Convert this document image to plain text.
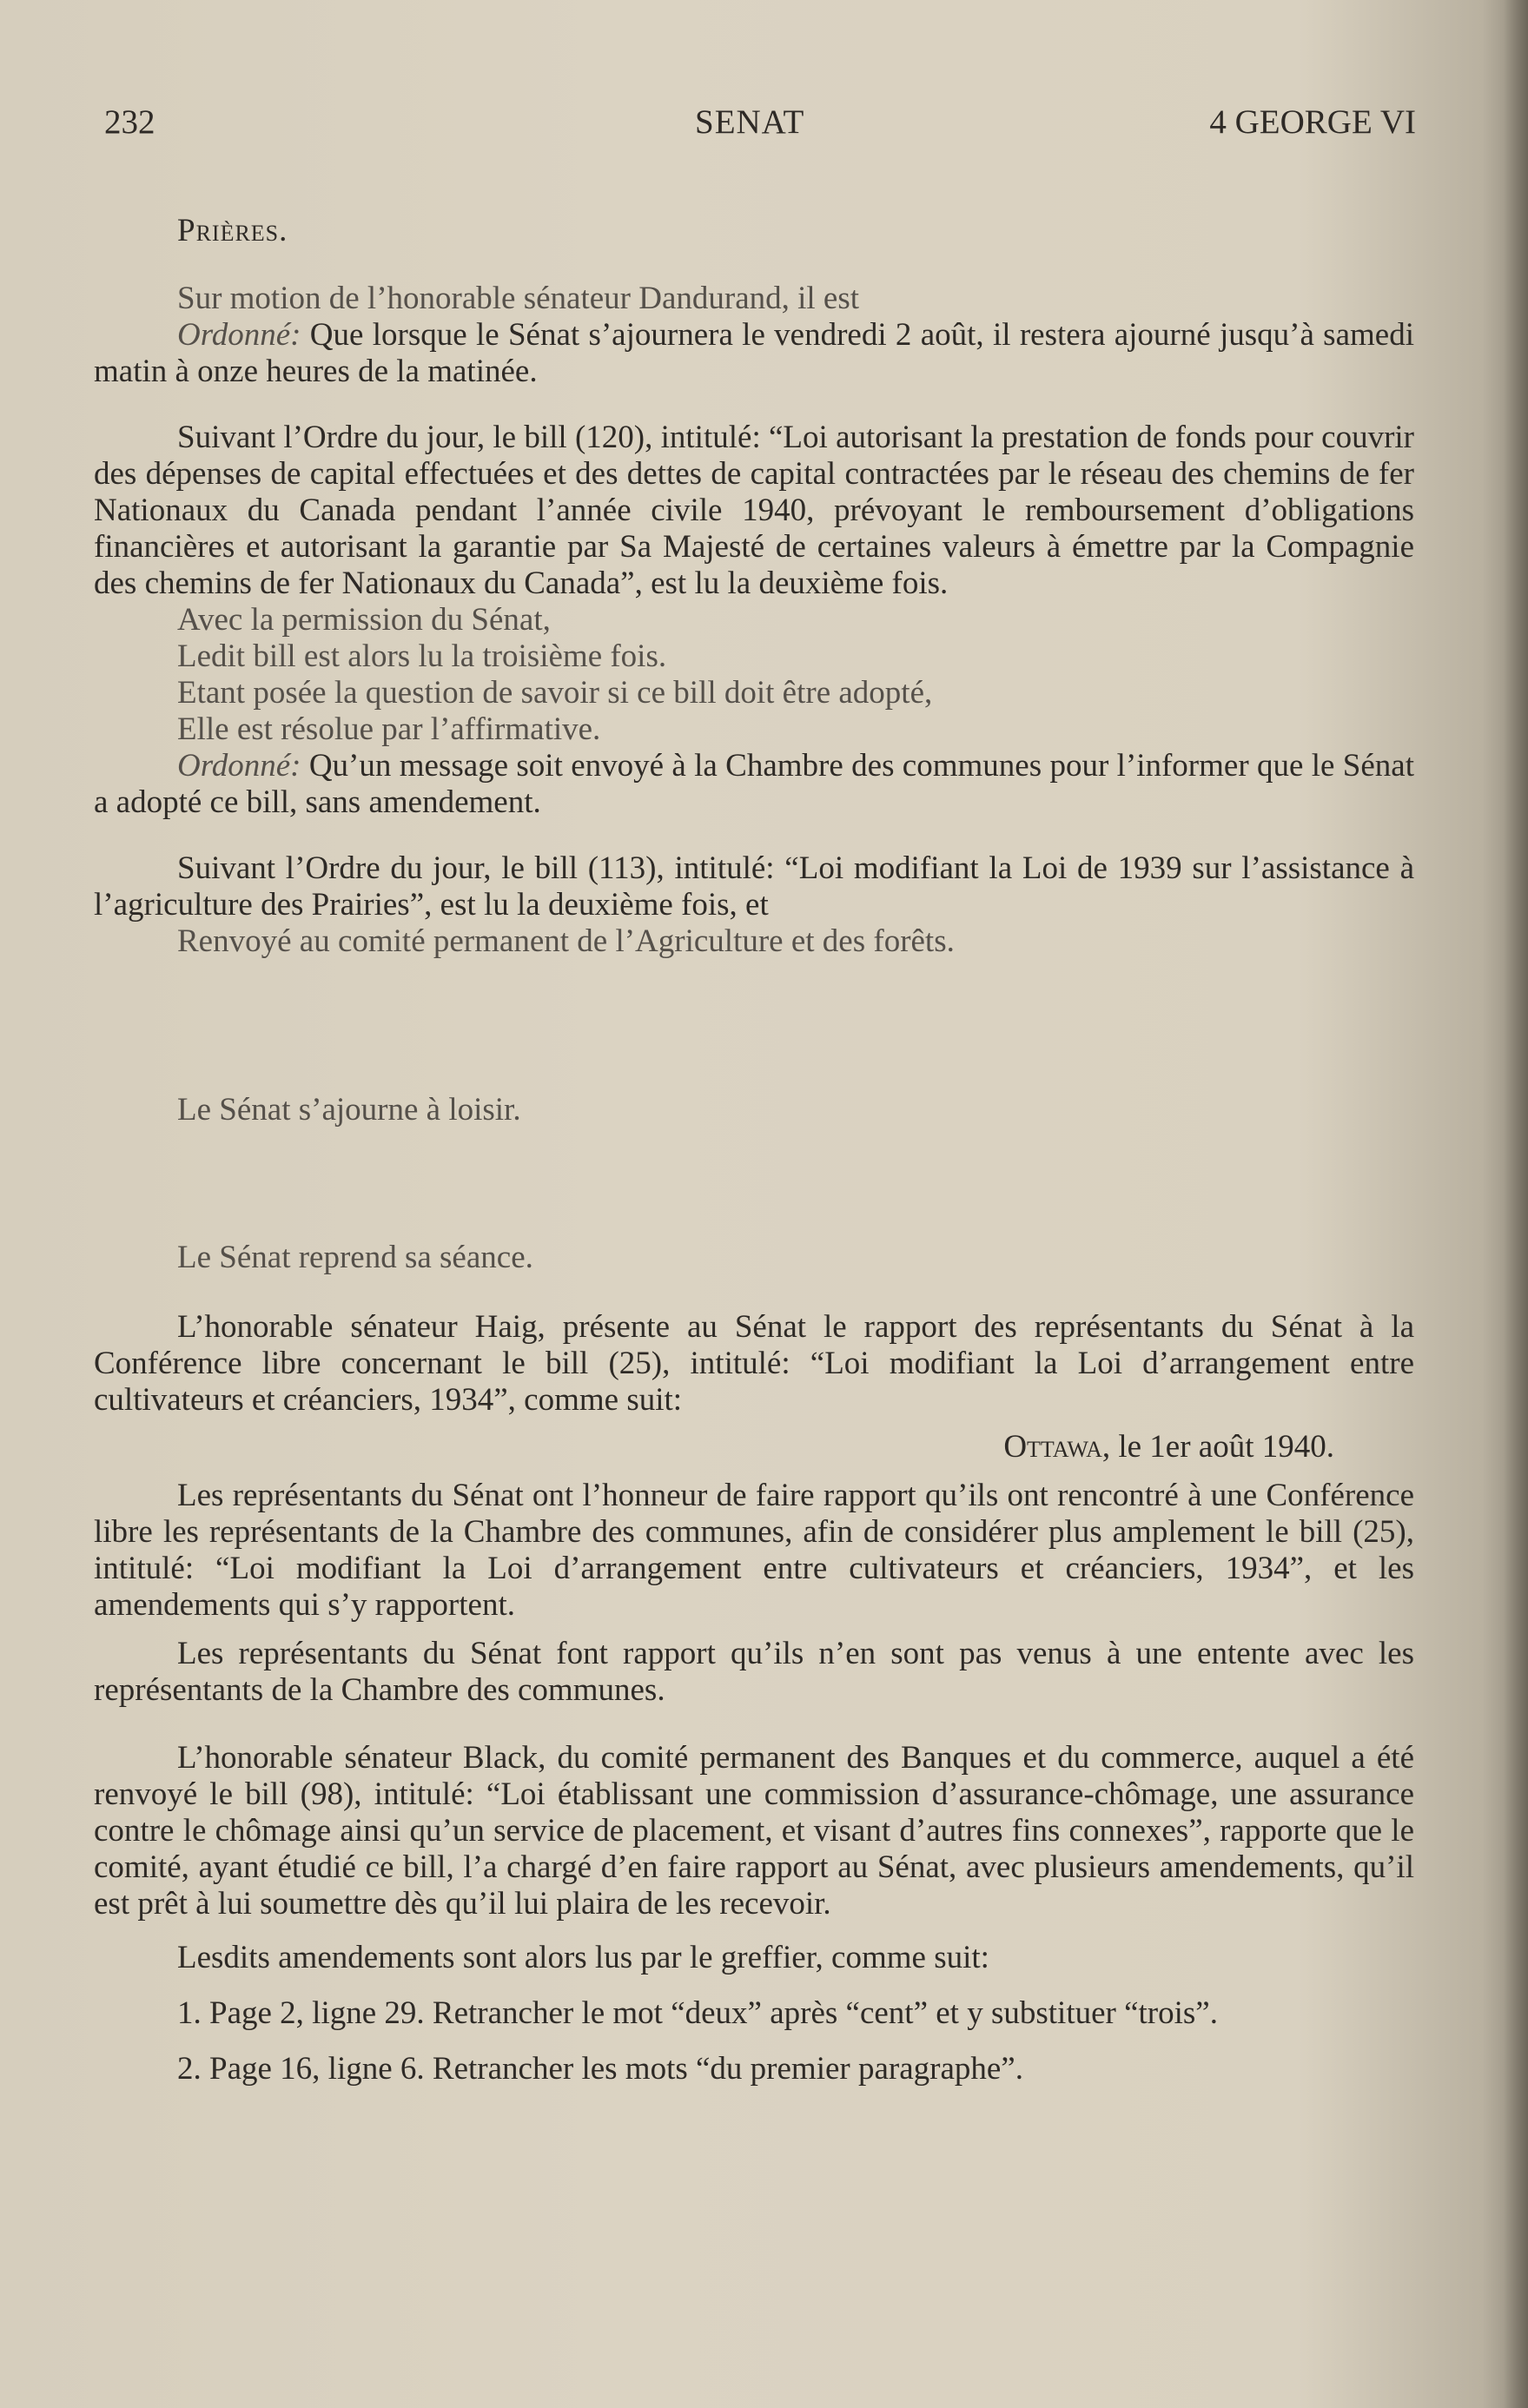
232	SENAT	4 GEORGE VI

Prières.

Sur motion de l’honorable sénateur Dandurand, il est

Ordonné: Que lorsque le Sénat s’ajournera le vendredi 2 août, il restera ajourné jusqu’à samedi matin à onze heures de la matinée.

Suivant l’Ordre du jour, le bill (120), intitulé: “Loi autorisant la prestation de fonds pour couvrir des dépenses de capital effectuées et des dettes de capital contractées par le réseau des chemins de fer Nationaux du Canada pendant l’année civile 1940, prévoyant le remboursement d’obligations financières et autorisant la garantie par Sa Majesté de certaines valeurs à émettre par la Compagnie des chemins de fer Nationaux du Canada”, est lu la deuxième fois.

Avec la permission du Sénat,

Ledit bill est alors lu la troisième fois.

Etant posée la question de savoir si ce bill doit être adopté,

Elle est résolue par l’affirmative.

Ordonné: Qu’un message soit envoyé à la Chambre des communes pour l’informer que le Sénat a adopté ce bill, sans amendement.

Suivant l’Ordre du jour, le bill (113), intitulé: “Loi modifiant la Loi de 1939 sur l’assistance à l’agriculture des Prairies”, est lu la deuxième fois, et

Renvoyé au comité permanent de l’Agriculture et des forêts.

Le Sénat s’ajourne à loisir.

Le Sénat reprend sa séance.

L’honorable sénateur Haig, présente au Sénat le rapport des représentants du Sénat à la Conférence libre concernant le bill (25), intitulé: “Loi modifiant la Loi d’arrangement entre cultivateurs et créanciers, 1934”, comme suit:

Ottawa, le 1er août 1940.

Les représentants du Sénat ont l’honneur de faire rapport qu’ils ont rencontré à une Conférence libre les représentants de la Chambre des communes, afin de considérer plus amplement le bill (25), intitulé: “Loi modifiant la Loi d’arrangement entre cultivateurs et créanciers, 1934”, et les amendements qui s’y rapportent.

Les représentants du Sénat font rapport qu’ils n’en sont pas venus à une entente avec les représentants de la Chambre des communes.

L’honorable sénateur Black, du comité permanent des Banques et du commerce, auquel a été renvoyé le bill (98), intitulé: “Loi établissant une commission d’assurance-chômage, une assurance contre le chômage ainsi qu’un service de placement, et visant d’autres fins connexes”, rapporte que le comité, ayant étudié ce bill, l’a chargé d’en faire rapport au Sénat, avec plusieurs amendements, qu’il est prêt à lui soumettre dès qu’il lui plaira de les recevoir.

Lesdits amendements sont alors lus par le greffier, comme suit:

1. Page 2, ligne 29. Retrancher le mot “deux” après “cent” et y substituer “trois”.

2. Page 16, ligne 6. Retrancher les mots “du premier paragraphe”.
